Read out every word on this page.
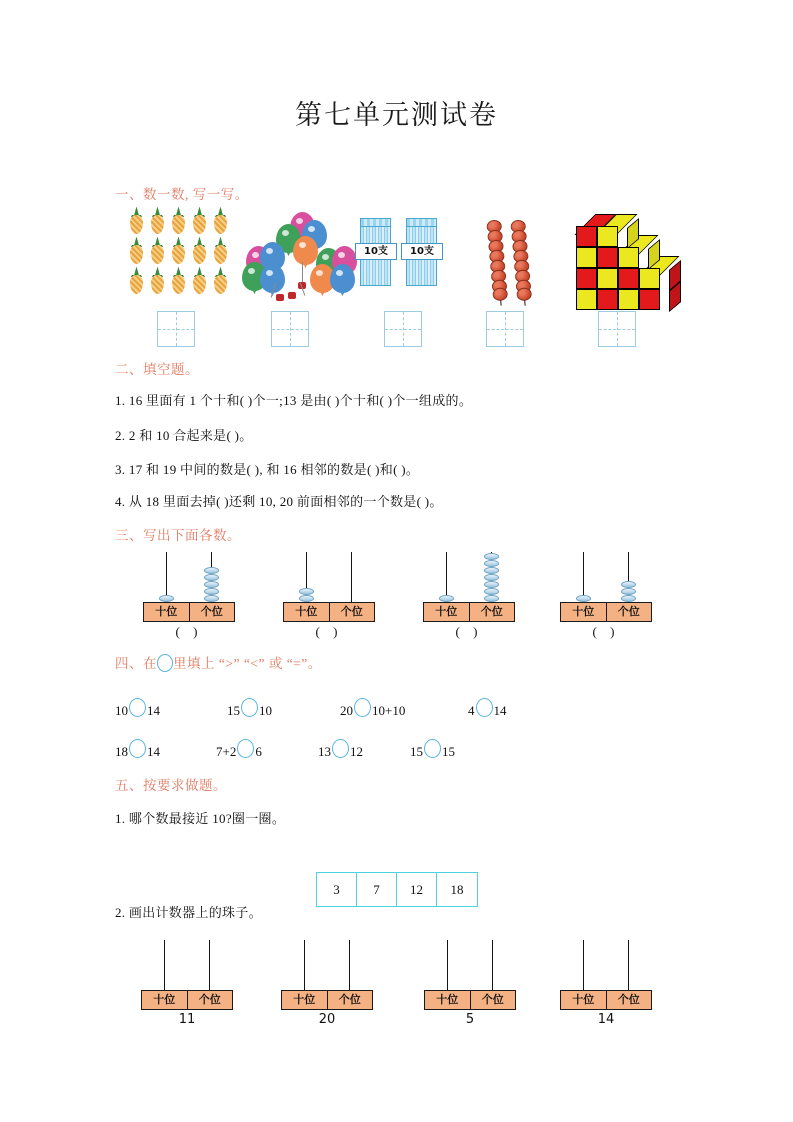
第七单元测试卷
一、数一数, 写一写。
10支	10支
二、填空题。
1. 16 里面有 1 个十和( )个一;13 是由( )个十和( )个一组成的。
2. 2 和 10 合起来是( )。
3. 17 和 19 中间的数是( ), 和 16 相邻的数是( )和( )。
4. 从 18 里面去掉( )还剩 10, 20 前面相邻的一个数是( )。
三、写出下面各数。
十位	个位
( )
十位	个位
( )
十位	个位
( )
十位	个位
( )
四、在 里填上 “>” “<” 或 “=”。
10 14	15 10	20 10+10	4 14
18 14	7+2 6	13 12	15 15
五、按要求做题。
1. 哪个数最接近 10?圈一圈。
3	7	12	18
2. 画出计数器上的珠子。
十位	个位
11
十位	个位
20
十位	个位
5
十位	个位
14
